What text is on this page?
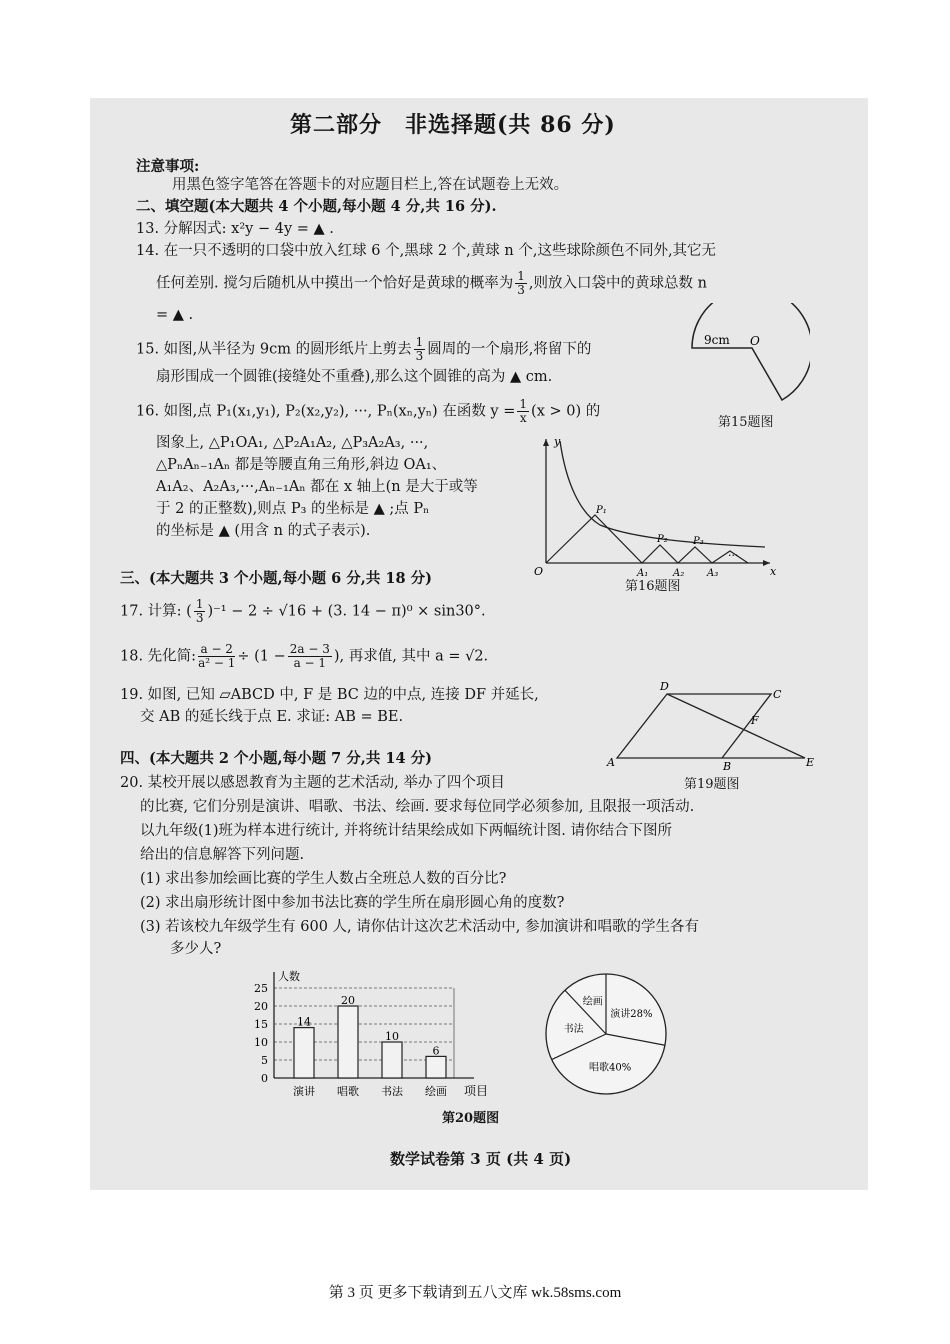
第二部分　非选择题(共 86 分)
注意事项:
用黑色签字笔答在答题卡的对应题目栏上,答在试题卷上无效。
二、填空题(本大题共 4 个小题,每小题 4 分,共 16 分).
13. 分解因式: x²y − 4y = ▲ .
14. 在一只不透明的口袋中放入红球 6 个,黑球 2 个,黄球 n 个,这些球除颜色不同外,其它无
任何差别. 搅匀后随机从中摸出一个恰好是黄球的概率为 $\frac{1}{3}$ ,则放入口袋中的黄球总数 n
= ▲ .
15. 如图,从半径为 9cm 的圆形纸片上剪去 $\frac{1}{3}$ 圆周的一个扇形,将留下的
扇形围成一个圆锥(接缝处不重叠),那么这个圆锥的高为 ▲ cm.
9cm O
第15题图
16. 如图,点 P₁(x₁,y₁), P₂(x₂,y₂), ···, Pₙ(xₙ,yₙ) 在函数 $y = \frac{1}{x} (x > 0)$ 的
图象上, △P₁OA₁, △P₂A₁A₂, △P₃A₂A₃, ···,
△PₙAₙ₋₁Aₙ 都是等腰直角三角形,斜边 OA₁、
A₁A₂、A₂A₃,···,Aₙ₋₁Aₙ 都在 x 轴上(n 是大于或等
于 2 的正整数),则点 P₃ 的坐标是 ▲ ;点 Pₙ
的坐标是 ▲ (用含 n 的式子表示).
y
x
O
P₁
P₂	P₃
A₁ A₂ A₃
···
第16题图
三、(本大题共 3 个小题,每小题 6 分,共 18 分)
17. 计算: ( $\frac{1}{3} )^{-1} - 2 \div √16 + (3$. 14 − π)⁰ × sin30°.
18. 先化简: $\frac{a - 2}{\text{a² − 1}} \div (1 - \frac{2a - 3}{a - 1}$ ), 再求值, 其中 a = √2.
19. 如图, 已知 ▱ABCD 中, F 是 BC 边的中点, 连接 DF 并延长,
交 AB 的延长线于点 E. 求证: AB = BE.
A	B
C
D
E
F
第19题图
四、(本大题共 2 个小题,每小题 7 分,共 14 分)
20. 某校开展以感恩教育为主题的艺术活动, 举办了四个项目
的比赛, 它们分别是演讲、唱歌、书法、绘画. 要求每位同学必须参加, 且限报一项活动.
以九年级(1)班为样本进行统计, 并将统计结果绘成如下两幅统计图. 请你结合下图所
给出的信息解答下列问题.
(1) 求出参加绘画比赛的学生人数占全班总人数的百分比?
(2) 求出扇形统计图中参加书法比赛的学生所在扇形圆心角的度数?
(3) 若该校九年级学生有 600 人, 请你估计这次艺术活动中, 参加演讲和唱歌的学生各有
多少人?
0
5
10
15
20
25
人数
项目
14
演讲
20
唱歌
10
书法
6
绘画
演讲28%
唱歌40%
书法
绘画
第20题图
数学试卷第 3 页 (共 4 页)
第 3 页 更多下载请到五八文库 wk.58sms.com
